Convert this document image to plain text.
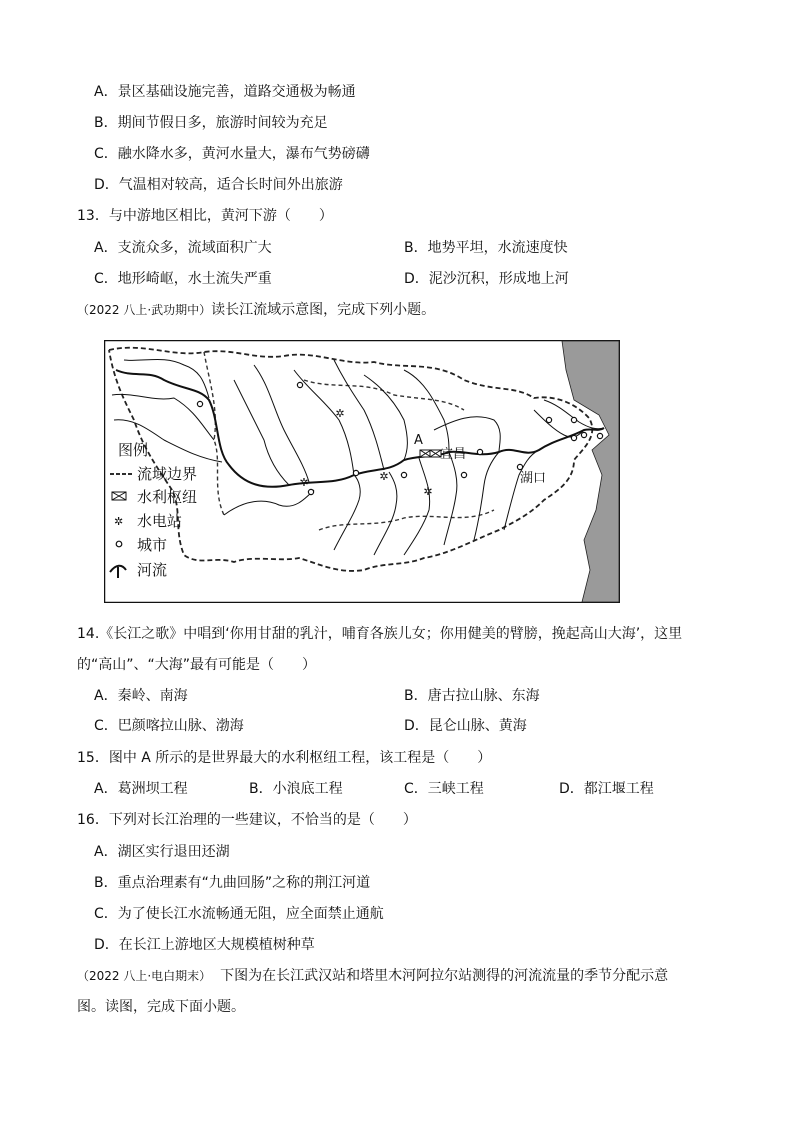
A．景区基础设施完善，道路交通极为畅通
B．期间节假日多，旅游时间较为充足
C．融水降水多，黄河水量大，瀑布气势磅礴
D．气温相对较高，适合长时间外出旅游
13．与中游地区相比，黄河下游（　　）
A．支流众多，流域面积广大	B．地势平坦，水流速度快
C．地形崎岖，水土流失严重	D．泥沙沉积，形成地上河
（2022 八上·武功期中）读长江流域示意图，完成下列小题。
✲
✲
✲
✲
A
宜昌
湖口
图例
流域边界
水利枢纽
✲ 水电站
城市
河流
14.《长江之歌》中唱到‘你用甘甜的乳汁，哺育各族儿女；你用健美的臂膀，挽起高山大海’，这里
的“高山”、“大海”最有可能是（　　）
A．秦岭、南海	B．唐古拉山脉、东海
C．巴颜喀拉山脉、渤海	D．昆仑山脉、黄海
15．图中 A 所示的是世界最大的水利枢纽工程，该工程是（　　）
A．葛洲坝工程	B．小浪底工程	C．三峡工程	D．都江堰工程
16．下列对长江治理的一些建议，不恰当的是（　　）
A．湖区实行退田还湖
B．重点治理素有“九曲回肠”之称的荆江河道
C．为了使长江水流畅通无阻，应全面禁止通航
D．在长江上游地区大规模植树种草
（2022 八上·电白期末） 下图为在长江武汉站和塔里木河阿拉尔站测得的河流流量的季节分配示意
图。读图，完成下面小题。
